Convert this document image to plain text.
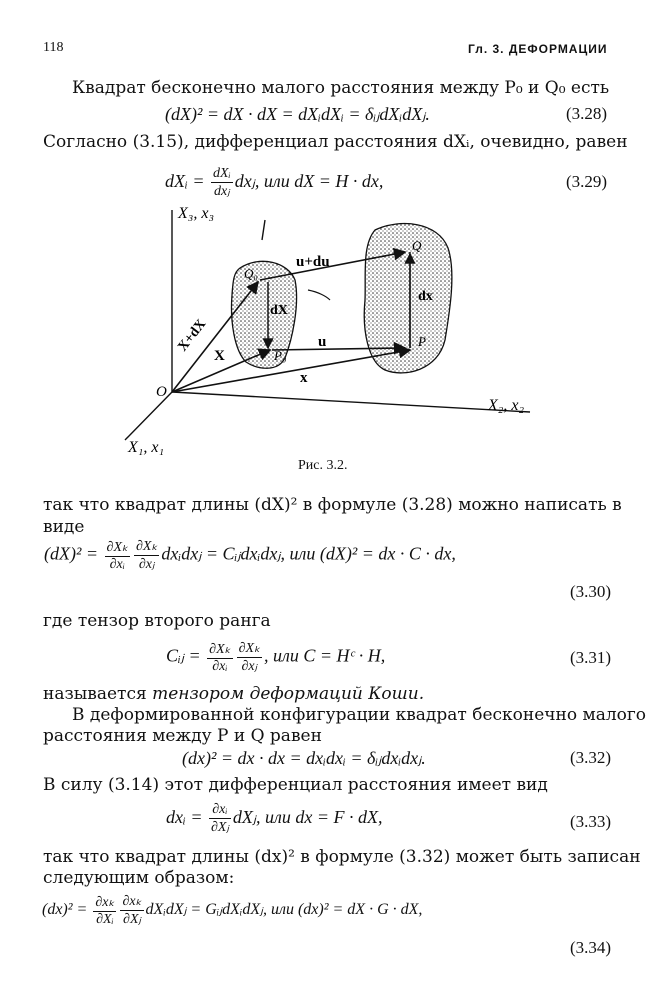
118	Гл. 3. ДЕФОРМАЦИИ
Квадрат бесконечно малого расстояния между P₀ и Q₀ есть
(dX)² = dX · dX = dXᵢdXᵢ = δᵢⱼdXᵢdXⱼ.	(3.28)
Согласно (3.15), дифференциал расстояния dXᵢ, очевидно, равен
dXᵢ = $\frac{\text{dXᵢ}}{\text{dxⱼ}}$ dxⱼ, или dX = H · dx,	(3.29)
X₃, x₃
X₂, x₂
X₁, x₁
O
Q₀
P₀
Q
P
u+du
u
dX
dx
X
X+dX
x
Рис. 3.2.
так что квадрат длины (dX)² в формуле (3.28) можно написать в
виде
$(dX)^2 = \frac{\text{∂Xₖ}}{\text{∂xᵢ}} \frac{\text{∂Xₖ}}{\text{∂xⱼ}}$ dxᵢdxⱼ = Cᵢⱼdxᵢdxⱼ, или (dX)² = dx · C · dx,
(3.30)
где тензор второго ранга
Cᵢⱼ = $\frac{\text{∂Xₖ}}{\text{∂xᵢ}} \frac{\text{∂Xₖ}}{\text{∂xⱼ}}$ , или C = Hᶜ · H,	(3.31)
называется тензором деформаций Коши.
В деформированной конфигурации квадрат бесконечно малого
расстояния между P и Q равен
(dx)² = dx · dx = dxᵢdxᵢ = δᵢⱼdxᵢdxⱼ.	(3.32)
В силу (3.14) этот дифференциал расстояния имеет вид
dxᵢ = $\frac{\text{∂xᵢ}}{\text{∂Xⱼ}}$ dXⱼ, или dx = F · dX,	(3.33)
так что квадрат длины (dx)² в формуле (3.32) может быть записан
следующим образом:
$(dx)^2 = \frac{\text{∂xₖ}}{\text{∂Xᵢ}} \frac{\text{∂xₖ}}{\text{∂Xⱼ}}$ dXᵢdXⱼ = GᵢⱼdXᵢdXⱼ, или (dx)² = dX · G · dX,
(3.34)
